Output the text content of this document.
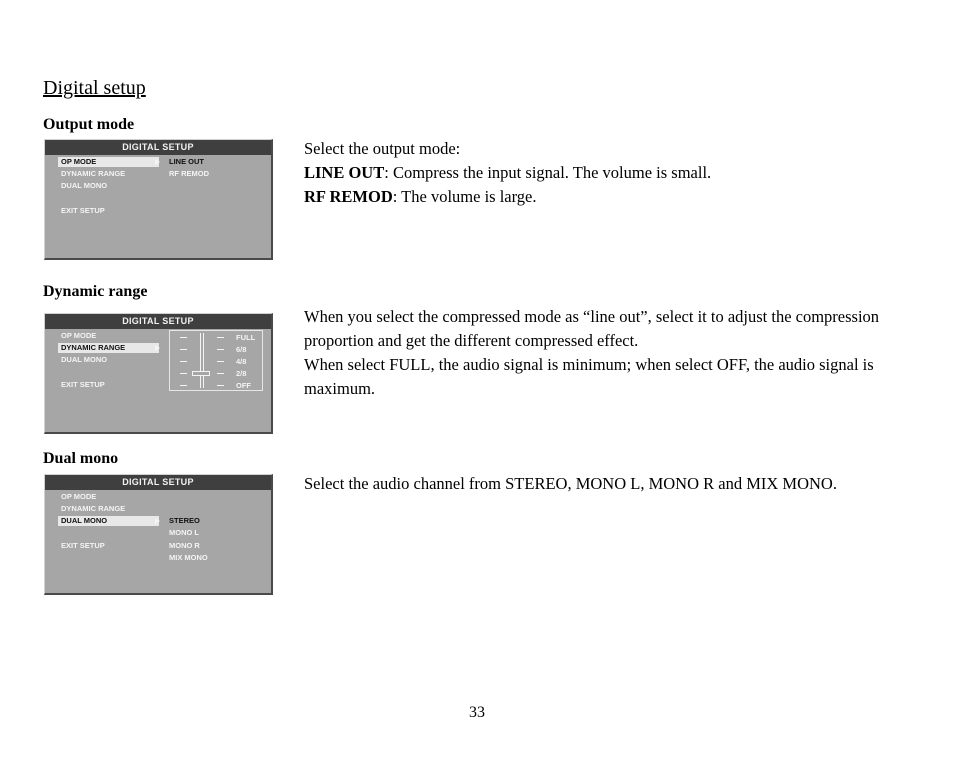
Digital setup
Output mode
DIGITAL SETUP
OP MODE
DYNAMIC RANGE
DUAL MONO
EXIT SETUP
LINE OUT
RF REMOD

Select the output mode:

LINE OUT: Compress the input signal. The volume is small.

RF REMOD: The volume is large.

Dynamic range
DIGITAL SETUP
OP MODE
DYNAMIC RANGE
DUAL MONO
EXIT SETUP
FULL
6/8
4/8
2/8
OFF

When you select the compressed mode as “line out”, select it to adjust the compression proportion and get the different compressed effect.

When select FULL, the audio signal is minimum; when select OFF, the audio signal is maximum.

Dual mono
DIGITAL SETUP
OP MODE
DYNAMIC RANGE
DUAL MONO
EXIT SETUP
STEREO
MONO L
MONO R
MIX MONO

Select the audio channel from STEREO, MONO L, MONO R and MIX MONO.

33
